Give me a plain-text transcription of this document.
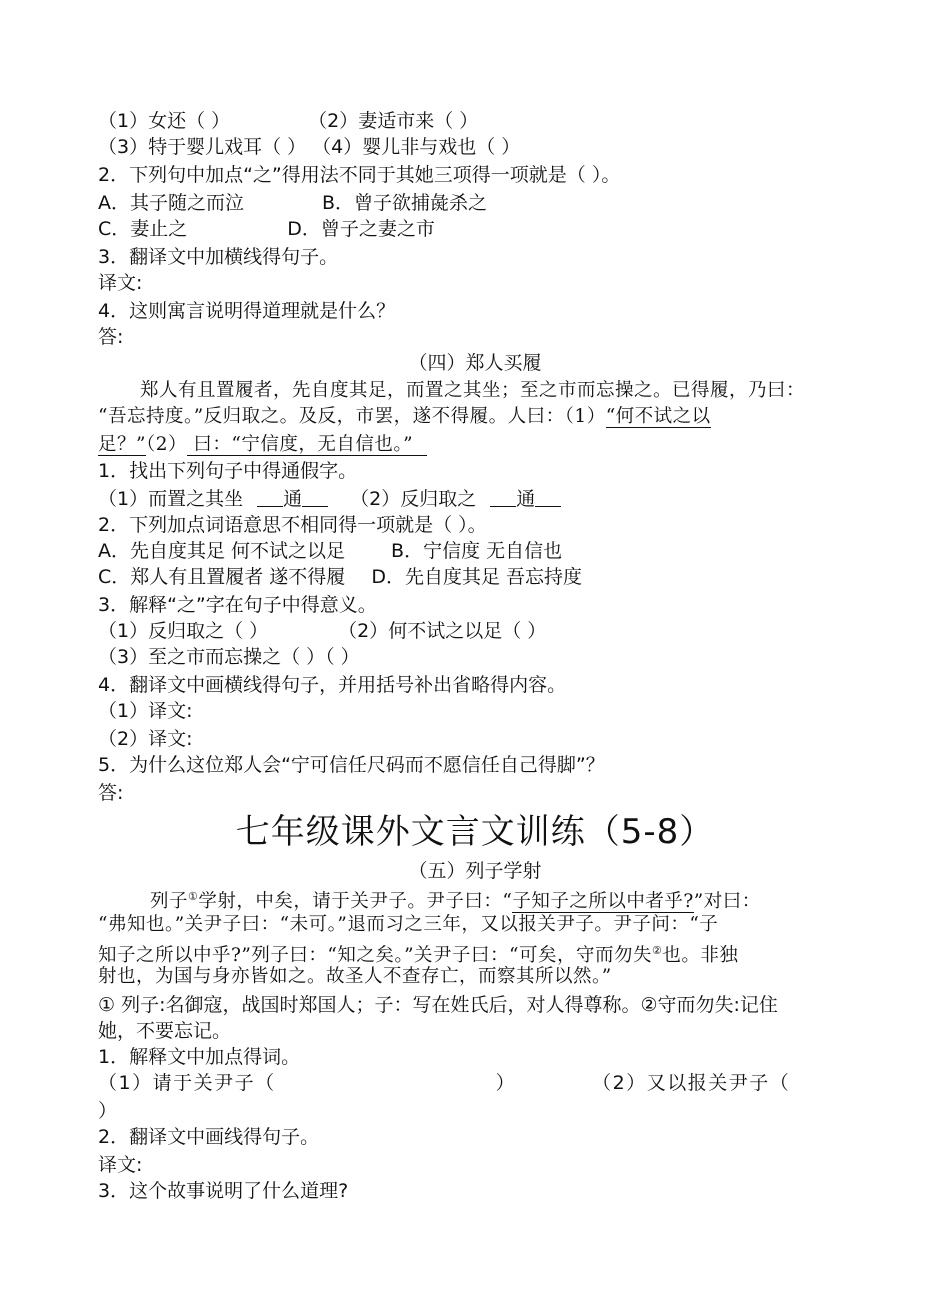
（1）女还（ ）	（2）妻适市来（ ）
（3）特于婴儿戏耳（ ） （4）婴儿非与戏也（ ）
2．下列句中加点“之”得用法不同于其她三项得一项就是（ ）。
A．其子随之而泣	B．曾子欲捕彘杀之
C．妻止之	D．曾子之妻之市
3．翻译文中加横线得句子。
译文:
4．这则寓言说明得道理就是什么？
答:
（四）郑人买履
郑人有且置履者，先自度其足，而置之其坐；至之市而忘操之。已得履，乃曰：
“吾忘持度。”反归取之。及反，市罢，遂不得履。人曰：（1）“何不试之以
足？”（2） 曰：“宁信度，无自信也。”
1．找出下列句子中得通假字。
（1）而置之其坐 通	（2）反归取之 通
2．下列加点词语意思不相同得一项就是（ ）。
A．先自度其足 何不试之以足 B．宁信度 无自信也
C．郑人有且置履者 遂不得履 D．先自度其足 吾忘持度
3．解释“之”字在句子中得意义。
（1）反归取之（ ）	（2）何不试之以足（ ）
（3）至之市而忘操之（ ）（ ）
4．翻译文中画横线得句子，并用括号补出省略得内容。
（1）译文:
（2）译文:
5．为什么这位郑人会“宁可信任尺码而不愿信任自己得脚”？
答:
七年级课外文言文训练（5-8）
（五）列子学射
列子①学射，中矣，请于关尹子。尹子曰：“子知子之所以中者乎?”对曰：
“弗知也。”关尹子曰：“未可。”退而习之三年，又以报关尹子。尹子问：“子
知子之所以中乎?”列子曰：“知之矣。”关尹子曰：“可矣，守而勿失②也。非独
射也，为国与身亦皆如之。故圣人不查存亡，而察其所以然。”
① 列子:名御寇，战国时郑国人；子：写在姓氏后，对人得尊称。②守而勿失:记住
她，不要忘记。
1．解释文中加点得词。
（1）请于关尹子（	）	（2）又以报关尹子（
）
2．翻译文中画线得句子。
译文:
3．这个故事说明了什么道理?
